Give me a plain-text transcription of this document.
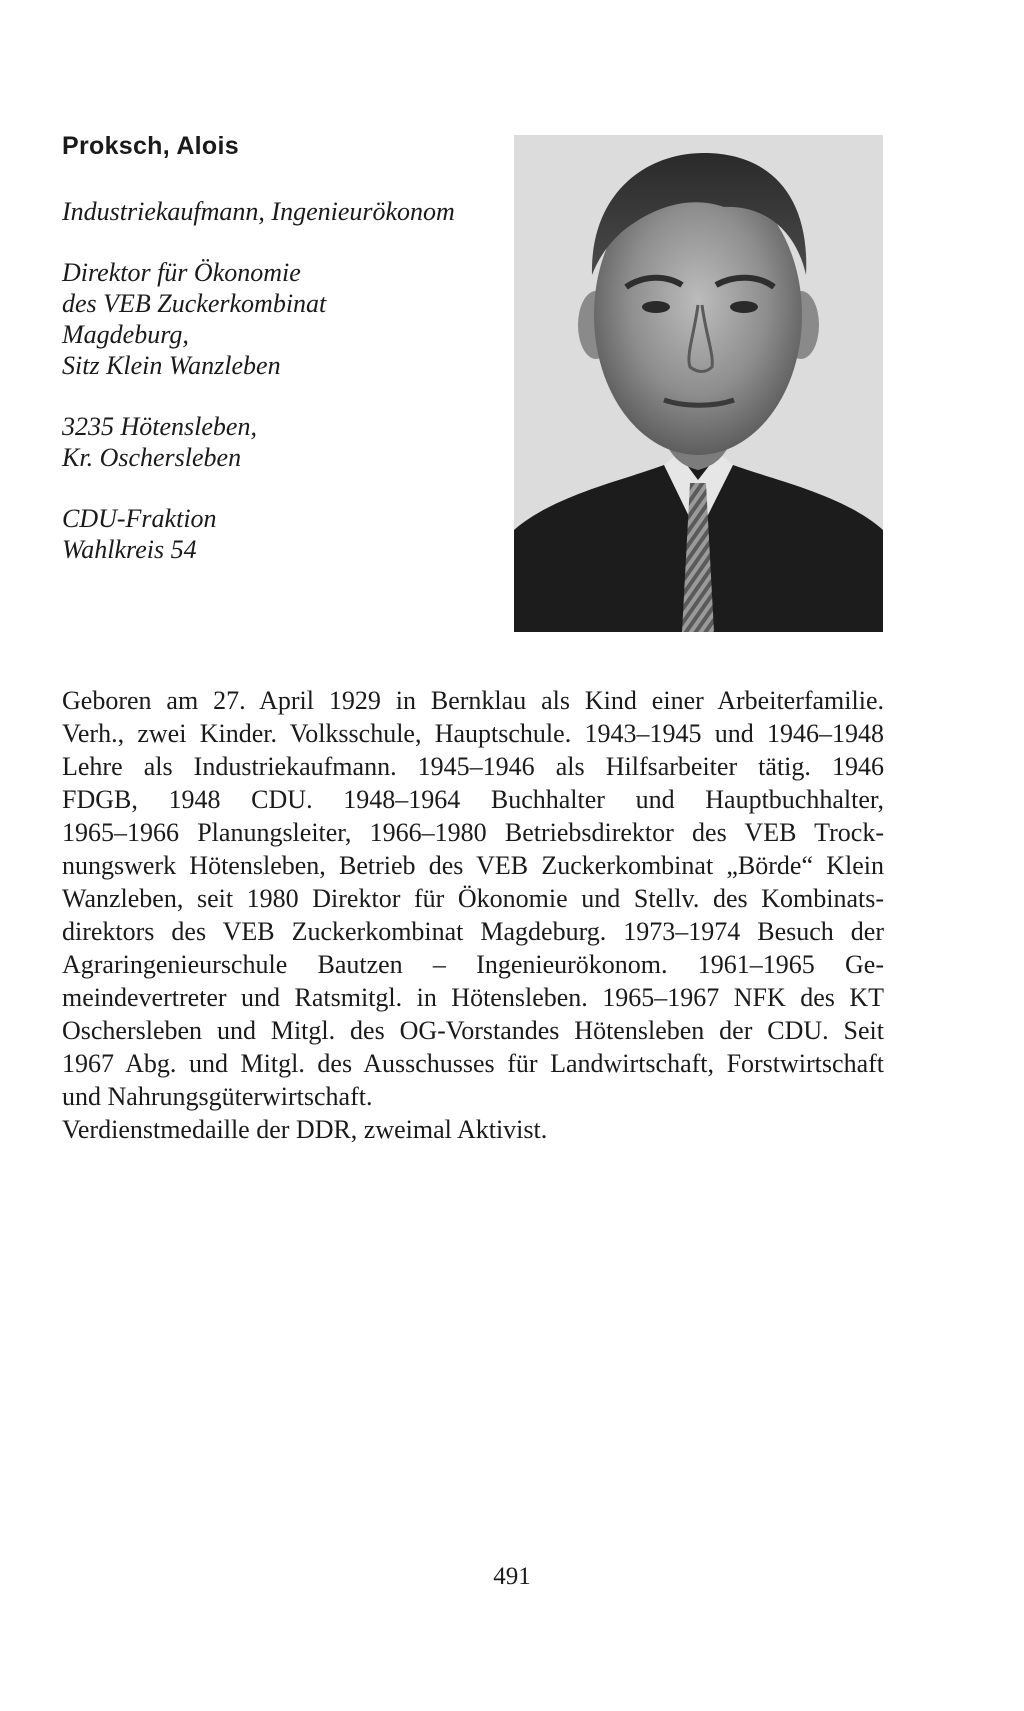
Proksch, Alois
Industriekaufmann, Ingenieurökonom
Direktor für Ökonomie
des VEB Zuckerkombinat
Magdeburg,
Sitz Klein Wanzleben
3235 Hötensleben,
Kr. Oschersleben
CDU-Fraktion
Wahlkreis 54
Geboren am 27. April 1929 in Bernklau als Kind einer Arbeiterfamilie.
Verh., zwei Kinder. Volksschule, Hauptschule. 1943–1945 und 1946–1948
Lehre als Industriekaufmann. 1945–1946 als Hilfsarbeiter tätig. 1946
FDGB, 1948 CDU. 1948–1964 Buchhalter und Hauptbuchhalter,
1965–1966 Planungsleiter, 1966–1980 Betriebsdirektor des VEB Trock-
nungswerk Hötensleben, Betrieb des VEB Zuckerkombinat „Börde“ Klein
Wanzleben, seit 1980 Direktor für Ökonomie und Stellv. des Kombinats-
direktors des VEB Zuckerkombinat Magdeburg. 1973–1974 Besuch der
Agraringenieurschule Bautzen – Ingenieurökonom. 1961–1965 Ge-
meindevertreter und Ratsmitgl. in Hötensleben. 1965–1967 NFK des KT
Oschersleben und Mitgl. des OG-Vorstandes Hötensleben der CDU. Seit
1967 Abg. und Mitgl. des Ausschusses für Landwirtschaft, Forstwirtschaft
und Nahrungsgüterwirtschaft.
Verdienstmedaille der DDR, zweimal Aktivist.
491
